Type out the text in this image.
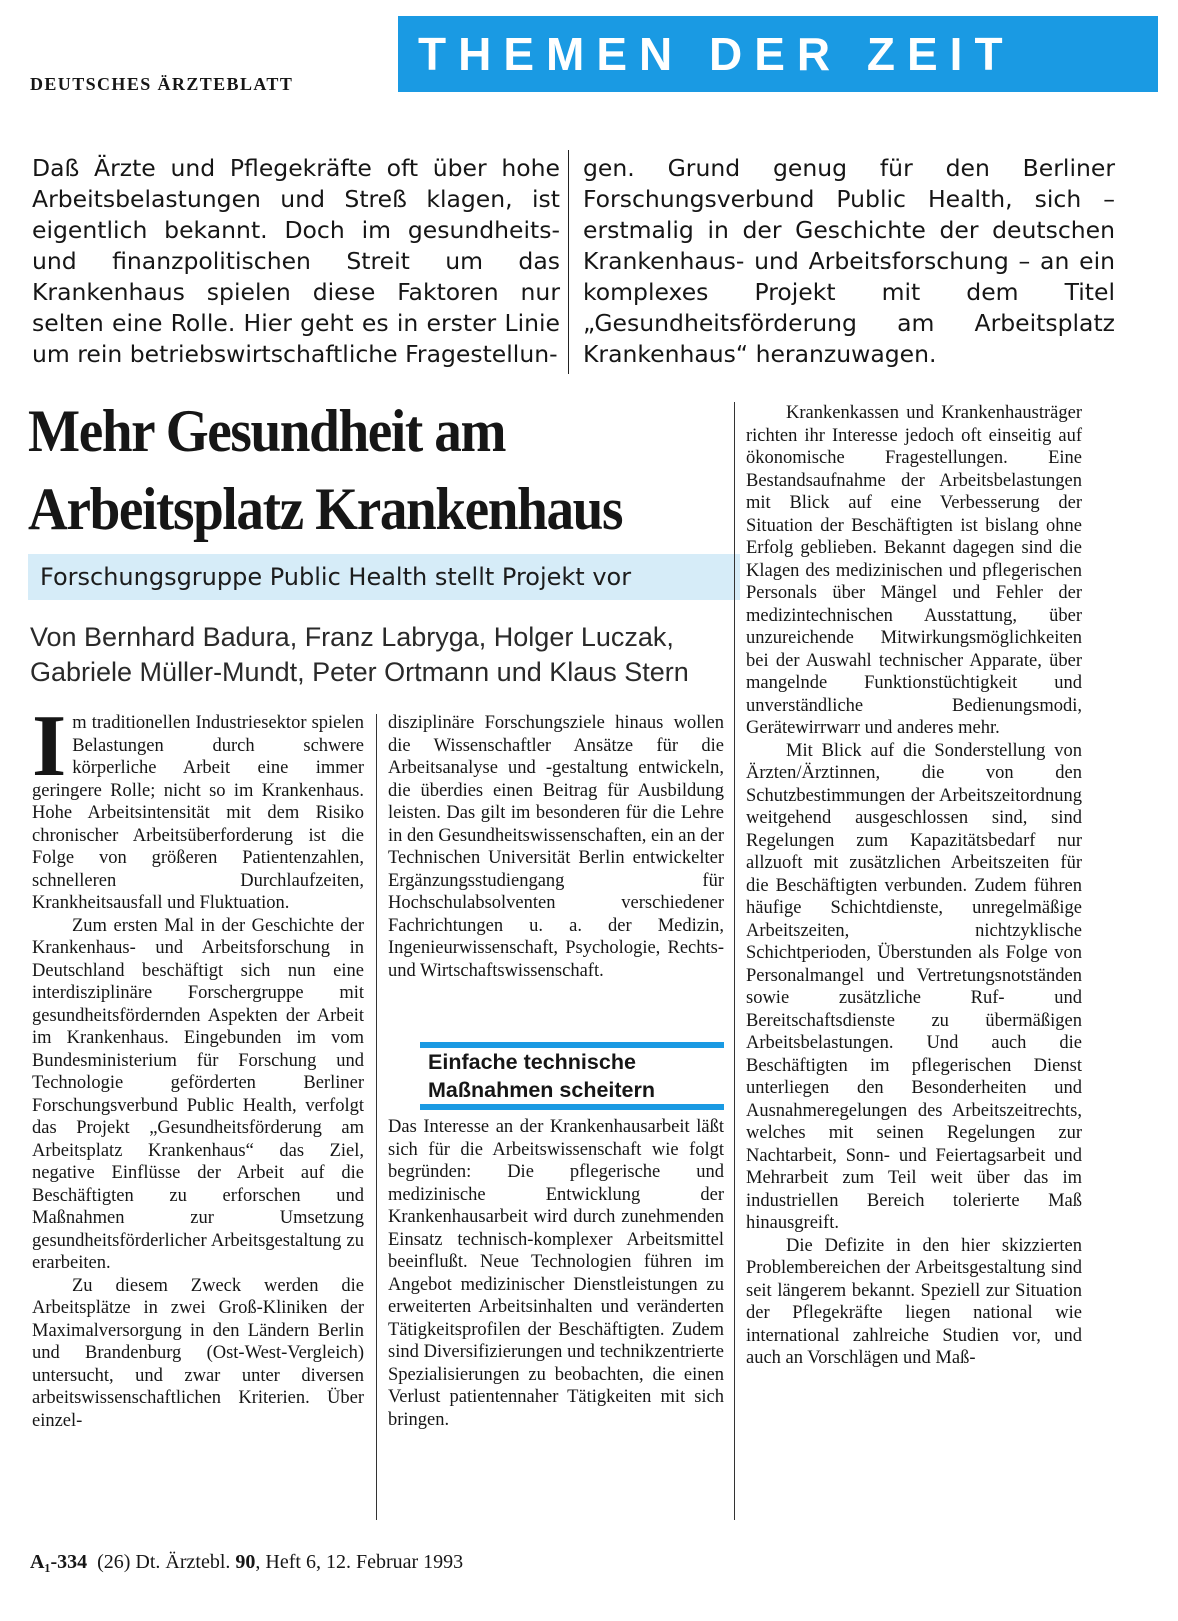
DEUTSCHES ÄRZTEBLATT
THEMEN DER ZEIT
Daß Ärzte und Pflegekräfte oft über hohe Arbeitsbelastungen und Streß klagen, ist eigentlich bekannt. Doch im gesundheits- und finanzpolitischen Streit um das Krankenhaus spielen diese Faktoren nur selten eine Rolle. Hier geht es in erster Linie um rein betriebswirtschaftliche Fragestellun-
gen. Grund genug für den Berliner Forschungsverbund Public Health, sich – erstmalig in der Geschichte der deutschen Krankenhaus- und Arbeitsforschung – an ein komplexes Projekt mit dem Titel „Gesundheitsförderung am Arbeitsplatz Krankenhaus“ heranzuwagen.
Mehr Gesundheit am
Arbeitsplatz Krankenhaus
Forschungsgruppe Public Health stellt Projekt vor
Von Bernhard Badura, Franz Labryga, Holger Luczak,
Gabriele Müller-Mundt, Peter Ortmann und Klaus Stern

Im traditionellen Industriesektor spielen Belastungen durch schwere körperliche Arbeit eine immer geringere Rolle; nicht so im Krankenhaus. Hohe Arbeitsintensität mit dem Risiko chronischer Arbeitsüberforderung ist die Folge von größeren Patientenzahlen, schnelleren Durchlaufzeiten, Krankheitsausfall und Fluktuation.

Zum ersten Mal in der Geschichte der Krankenhaus- und Arbeitsforschung in Deutschland beschäftigt sich nun eine interdisziplinäre Forschergruppe mit gesundheitsfördernden Aspekten der Arbeit im Krankenhaus. Eingebunden im vom Bundesministerium für Forschung und Technologie geförderten Berliner Forschungsverbund Public Health, verfolgt das Projekt „Gesundheitsförderung am Arbeitsplatz Krankenhaus“ das Ziel, negative Einflüsse der Arbeit auf die Beschäftigten zu erforschen und Maßnahmen zur Umsetzung gesundheitsförderlicher Arbeitsgestaltung zu erarbeiten.

Zu diesem Zweck werden die Arbeitsplätze in zwei Groß-Kliniken der Maximalversorgung in den Ländern Berlin und Brandenburg (Ost-West-Vergleich) untersucht, und zwar unter diversen arbeitswissenschaftlichen Kriterien. Über einzel-

disziplinäre Forschungsziele hinaus wollen die Wissenschaftler Ansätze für die Arbeitsanalyse und -gestaltung entwickeln, die überdies einen Beitrag für Ausbildung leisten. Das gilt im besonderen für die Lehre in den Gesundheitswissenschaften, ein an der Technischen Universität Berlin entwickelter Ergänzungsstudiengang für Hochschulabsolventen verschiedener Fachrichtungen u. a. der Medizin, Ingenieurwissenschaft, Psychologie, Rechts- und Wirtschaftswissenschaft.

Einfache technische
Maßnahmen scheitern

Das Interesse an der Krankenhausarbeit läßt sich für die Arbeitswissenschaft wie folgt begründen: Die pflegerische und medizinische Entwicklung der Krankenhausarbeit wird durch zunehmenden Einsatz technisch-komplexer Arbeitsmittel beeinflußt. Neue Technologien führen im Angebot medizinischer Dienstleistungen zu erweiterten Arbeitsinhalten und veränderten Tätigkeitsprofilen der Beschäftigten. Zudem sind Diversifizierungen und technikzentrierte Spezialisierungen zu beobachten, die einen Verlust patientennaher Tätigkeiten mit sich bringen.

Krankenkassen und Krankenhausträger richten ihr Interesse jedoch oft einseitig auf ökonomische Fragestellungen. Eine Bestandsaufnahme der Arbeitsbelastungen mit Blick auf eine Verbesserung der Situation der Beschäftigten ist bislang ohne Erfolg geblieben. Bekannt dagegen sind die Klagen des medizinischen und pflegerischen Personals über Mängel und Fehler der medizintechnischen Ausstattung, über unzureichende Mitwirkungsmöglichkeiten bei der Auswahl technischer Apparate, über mangelnde Funktionstüchtigkeit und unverständliche Bedienungsmodi, Gerätewirrwarr und anderes mehr.

Mit Blick auf die Sonderstellung von Ärzten/Ärztinnen, die von den Schutzbestimmungen der Arbeitszeitordnung weitgehend ausgeschlossen sind, sind Regelungen zum Kapazitätsbedarf nur allzuoft mit zusätzlichen Arbeitszeiten für die Beschäftigten verbunden. Zudem führen häufige Schichtdienste, unregelmäßige Arbeitszeiten, nichtzyklische Schichtperioden, Überstunden als Folge von Personalmangel und Vertretungsnotständen sowie zusätzliche Ruf- und Bereitschaftsdienste zu übermäßigen Arbeitsbelastungen. Und auch die Beschäftigten im pflegerischen Dienst unterliegen den Besonderheiten und Ausnahmeregelungen des Arbeitszeitrechts, welches mit seinen Regelungen zur Nachtarbeit, Sonn- und Feiertagsarbeit und Mehrarbeit zum Teil weit über das im industriellen Bereich tolerierte Maß hinausgreift.

Die Defizite in den hier skizzierten Problembereichen der Arbeitsgestaltung sind seit längerem bekannt. Speziell zur Situation der Pflegekräfte liegen national wie international zahlreiche Studien vor, und auch an Vorschlägen und Maß-

A₁-334 (26) Dt. Ärztebl. 90, Heft 6, 12. Februar 1993
